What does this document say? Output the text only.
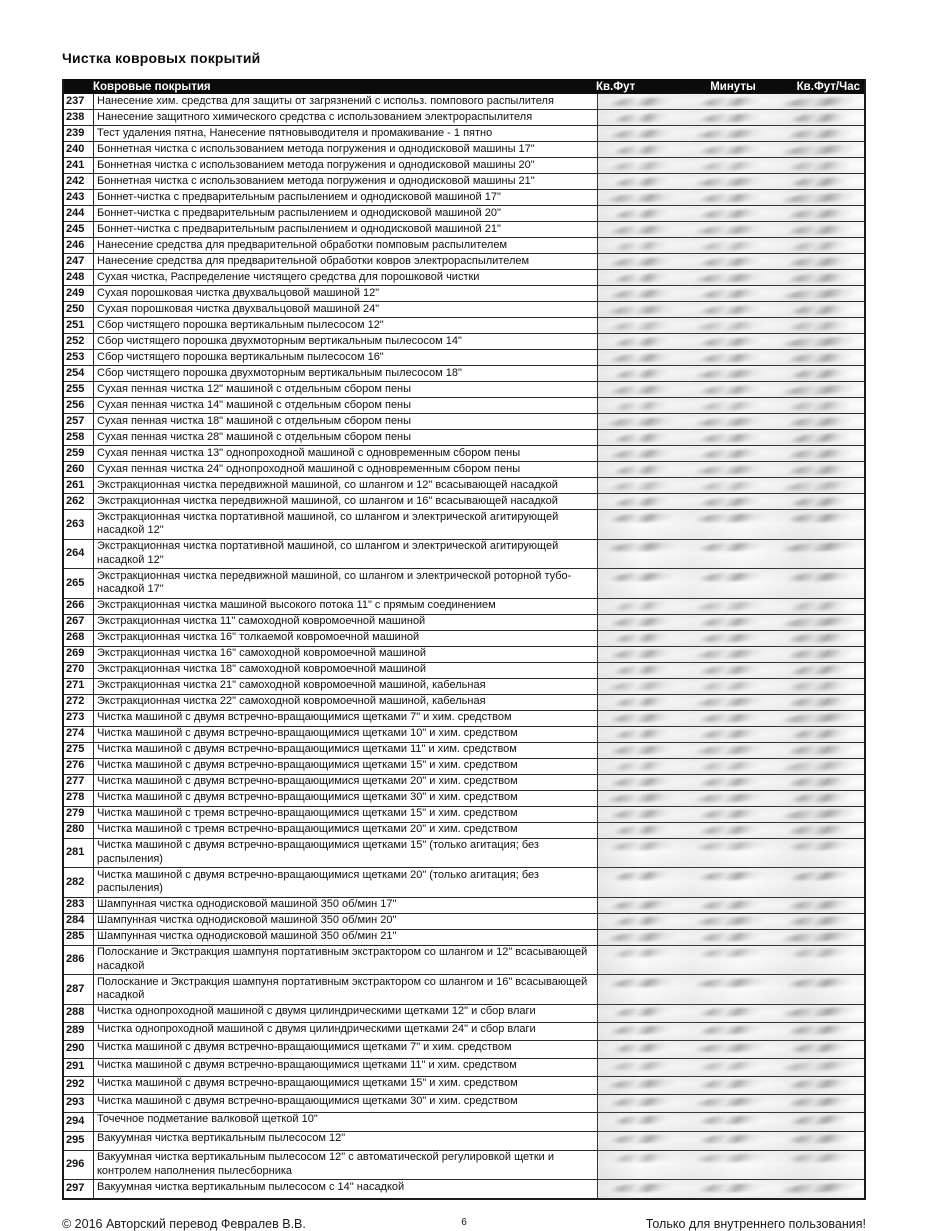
Чистка ковровых покрытий
Ковровые покрытия	Кв.Фут	Минуты	Кв.Фут/Час
237	Нанесение хим. средства для защиты от загрязнений с использ. помпового распылителя
238	Нанесение защитного химического средства с использованием электрораспылителя
239	Тест удаления пятна, Нанесение пятновыводителя и промакивание - 1 пятно
240	Боннетная чистка с использованием метода погружения и однодисковой машины 17"
241	Боннетная чистка с использованием метода погружения и однодисковой машины 20"
242	Боннетная чистка с использованием метода погружения и однодисковой машины 21"
243	Боннет-чистка с предварительным распылением и однодисковой машиной 17"
244	Боннет-чистка с предварительным распылением и однодисковой машиной 20"
245	Боннет-чистка с предварительным распылением и однодисковой машиной 21"
246	Нанесение средства для предварительной обработки помповым распылителем
247	Нанесение средства для предварительной обработки ковров электрораспылителем
248	Сухая чистка, Распределение чистящего средства для порошковой чистки
249	Сухая порошковая чистка двухвальцовой машиной 12"
250	Сухая порошковая чистка двухвальцовой машиной 24"
251	Сбор чистящего порошка вертикальным пылесосом 12"
252	Сбор чистящего порошка двухмоторным вертикальным пылесосом 14"
253	Сбор чистящего порошка вертикальным пылесосом 16"
254	Сбор чистящего порошка двухмоторным вертикальным пылесосом 18"
255	Сухая пенная чистка 12" машиной с отдельным сбором пены
256	Сухая пенная чистка 14" машиной с отдельным сбором пены
257	Сухая пенная чистка 18" машиной с отдельным сбором пены
258	Сухая пенная чистка 28" машиной с отдельным сбором пены
259	Сухая пенная чистка 13" однопроходной машиной с одновременным сбором пены
260	Сухая пенная чистка 24" однопроходной машиной с одновременным сбором пены
261	Экстракционная чистка передвижной машиной, со шлангом и 12" всасывающей насадкой
262	Экстракционная чистка передвижной машиной, со шлангом и 16" всасывающей насадкой
263
Экстракционная чистка портативной машиной, со шлангом и электрической агитирующей насадкой 12"
264
Экстракционная чистка портативной машиной, со шлангом и электрической агитирующей насадкой 12"
265
Экстракционная чистка передвижной машиной, со шлангом и электрической роторной тубо-насадкой 17"
266	Экстракционная чистка машиной высокого потока 11" с прямым соединением
267	Экстракционная чистка 11" самоходной ковромоечной машиной
268	Экстракционная чистка 16" толкаемой ковромоечной машиной
269	Экстракционная чистка 16" самоходной ковромоечной машиной
270	Экстракционная чистка 18" самоходной ковромоечной машиной
271	Экстракционная чистка 21" самоходной ковромоечной машиной, кабельная
272	Экстракционная чистка 22" самоходной ковромоечной машиной, кабельная
273	Чистка машиной с двумя встречно-вращающимися щетками 7" и хим. средством
274	Чистка машиной с двумя встречно-вращающимися щетками 10" и хим. средством
275	Чистка машиной с двумя встречно-вращающимися щетками 11" и хим. средством
276	Чистка машиной с двумя встречно-вращающимися щетками 15" и хим. средством
277	Чистка машиной с двумя встречно-вращающимися щетками 20" и хим. средством
278	Чистка машиной с двумя встречно-вращающимися щетками 30" и хим. средством
279	Чистка машиной с тремя встречно-вращающимися щетками 15" и хим. средством
280	Чистка машиной с тремя встречно-вращающимися щетками 20" и хим. средством
281
Чистка машиной с двумя встречно-вращающимися щетками 15" (только агитация; без распыления)
282
Чистка машиной с двумя встречно-вращающимися щетками 20" (только агитация; без распыления)
283	Шампунная чистка однодисковой машиной 350 об/мин 17"
284	Шампунная чистка однодисковой машиной 350 об/мин 20"
285	Шампунная чистка однодисковой машиной 350 об/мин 21"
286
Полоскание и Экстракция шампуня портативным экстрактором со шлангом и 12" всасывающей насадкой
287
Полоскание и Экстракция шампуня портативным экстрактором со шлангом и 16" всасывающей насадкой
288	Чистка однопроходной машиной с двумя цилиндрическими щетками 12" и сбор влаги
289	Чистка однопроходной машиной с двумя цилиндрическими щетками 24" и сбор влаги
290	Чистка машиной с двумя встречно-вращающимися щетками 7" и хим. средством
291	Чистка машиной с двумя встречно-вращающимися щетками 11" и хим. средством
292	Чистка машиной с двумя встречно-вращающимися щетками 15" и хим. средством
293	Чистка машиной с двумя встречно-вращающимися щетками 30" и хим. средством
294	Точечное подметание валковой щеткой 10"
295	Вакуумная чистка вертикальным пылесосом 12"
296
Вакуумная чистка вертикальным пылесосом 12" с автоматической регулировкой щетки и контролем наполнения пылесборника
297	Вакуумная чистка вертикальным пылесосом с 14" насадкой
© 2016 Авторский перевод Февралев В.В.	6	Только для внутреннего пользования!
